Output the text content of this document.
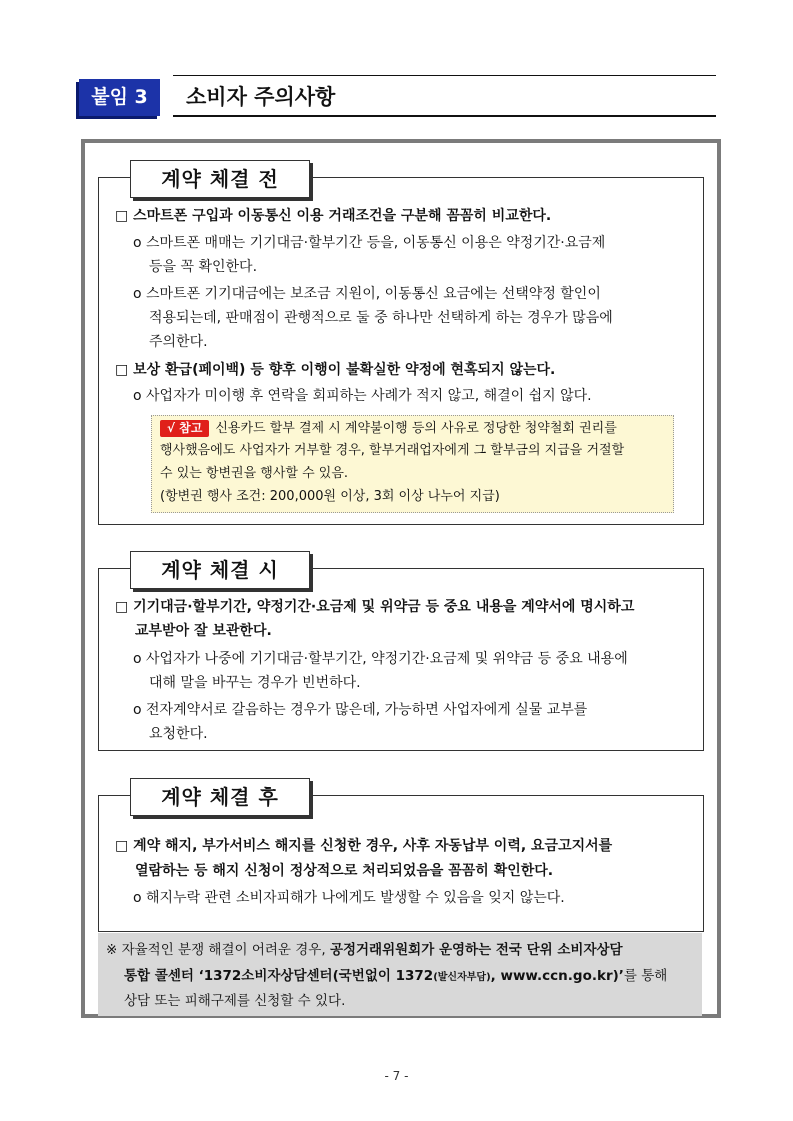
붙임 3	소비자 주의사항
계약 체결 전
□ 스마트폰 구입과 이동통신 이용 거래조건을 구분해 꼼꼼히 비교한다.
o 스마트폰 매매는 기기대금·할부기간 등을, 이동통신 이용은 약정기간·요금제
등을 꼭 확인한다.
o 스마트폰 기기대금에는 보조금 지원이, 이동통신 요금에는 선택약정 할인이
적용되는데, 판매점이 관행적으로 둘 중 하나만 선택하게 하는 경우가 많음에
주의한다.
□ 보상 환급(페이백) 등 향후 이행이 불확실한 약정에 현혹되지 않는다.
o 사업자가 미이행 후 연락을 회피하는 사례가 적지 않고, 해결이 쉽지 않다.
√ 참고 신용카드 할부 결제 시 계약불이행 등의 사유로 정당한 청약철회 권리를
행사했음에도 사업자가 거부할 경우, 할부거래업자에게 그 할부금의 지급을 거절할
수 있는 항변권을 행사할 수 있음.
(항변권 행사 조건: 200,000원 이상, 3회 이상 나누어 지급)
계약 체결 시
□ 기기대금·할부기간, 약정기간·요금제 및 위약금 등 중요 내용을 계약서에 명시하고
교부받아 잘 보관한다.
o 사업자가 나중에 기기대금·할부기간, 약정기간·요금제 및 위약금 등 중요 내용에
대해 말을 바꾸는 경우가 빈번하다.
o 전자계약서로 갈음하는 경우가 많은데, 가능하면 사업자에게 실물 교부를
요청한다.
계약 체결 후
□ 계약 해지, 부가서비스 해지를 신청한 경우, 사후 자동납부 이력, 요금고지서를
열람하는 등 해지 신청이 정상적으로 처리되었음을 꼼꼼히 확인한다.
o 해지누락 관련 소비자피해가 나에게도 발생할 수 있음을 잊지 않는다.
※ 자율적인 분쟁 해결이 어려운 경우, 공정거래위원회가 운영하는 전국 단위 소비자상담
통합 콜센터 ‘1372소비자상담센터(국번없이 1372(발신자부담), www.ccn.go.kr)’를 통해
상담 또는 피해구제를 신청할 수 있다.
- 7 -
